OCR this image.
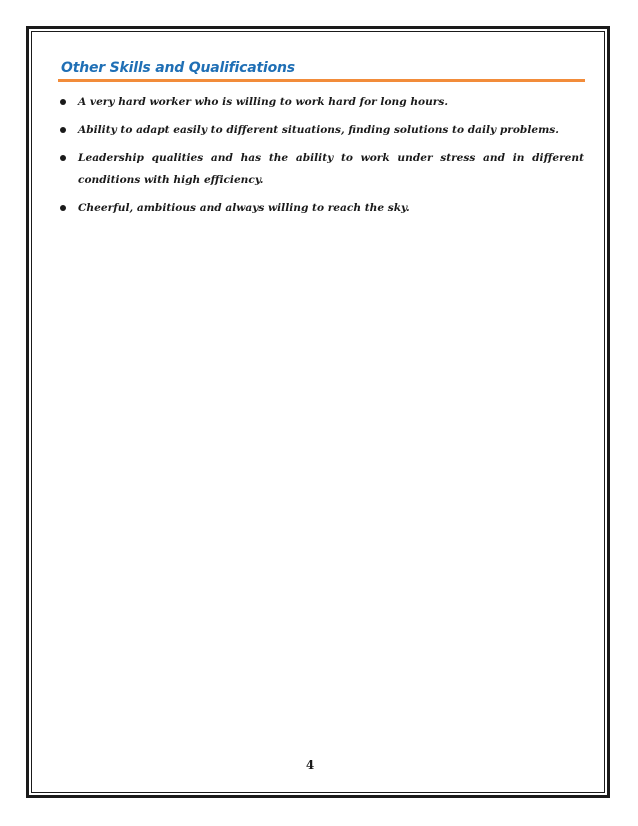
Other Skills and Qualifications
A very hard worker who is willing to work hard for long hours.
Ability to adapt easily to different situations, finding solutions to daily problems.
Leadership qualities and has the ability to work under stress and in different conditions with high efficiency.
Cheerful, ambitious and always willing to reach the sky.
4
